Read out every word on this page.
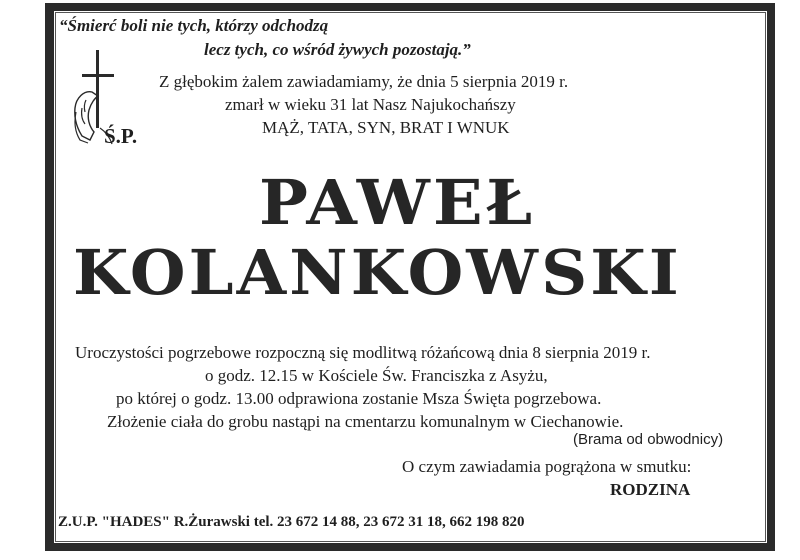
“Śmierć boli nie tych, którzy odchodzą
lecz tych, co wśród żywych pozostają.”
Ś.P.
Z głębokim żalem zawiadamiamy, że dnia 5 sierpnia 2019 r.
zmarł w wieku 31 lat Nasz Najukochańszy
MĄŻ, TATA, SYN, BRAT I WNUK
PAWEŁ
KOLANKOWSKI
Uroczystości pogrzebowe rozpoczną się modlitwą różańcową dnia 8 sierpnia 2019 r.
o godz. 12.15 w Kościele Św. Franciszka z Asyżu,
po której o godz. 13.00 odprawiona zostanie Msza Święta pogrzebowa.
Złożenie ciała do grobu nastąpi na cmentarzu komunalnym w Ciechanowie.
(Brama od obwodnicy)
O czym zawiadamia pogrążona w smutku:
RODZINA
Z.U.P. "HADES" R.Żurawski tel. 23 672 14 88, 23 672 31 18, 662 198 820
